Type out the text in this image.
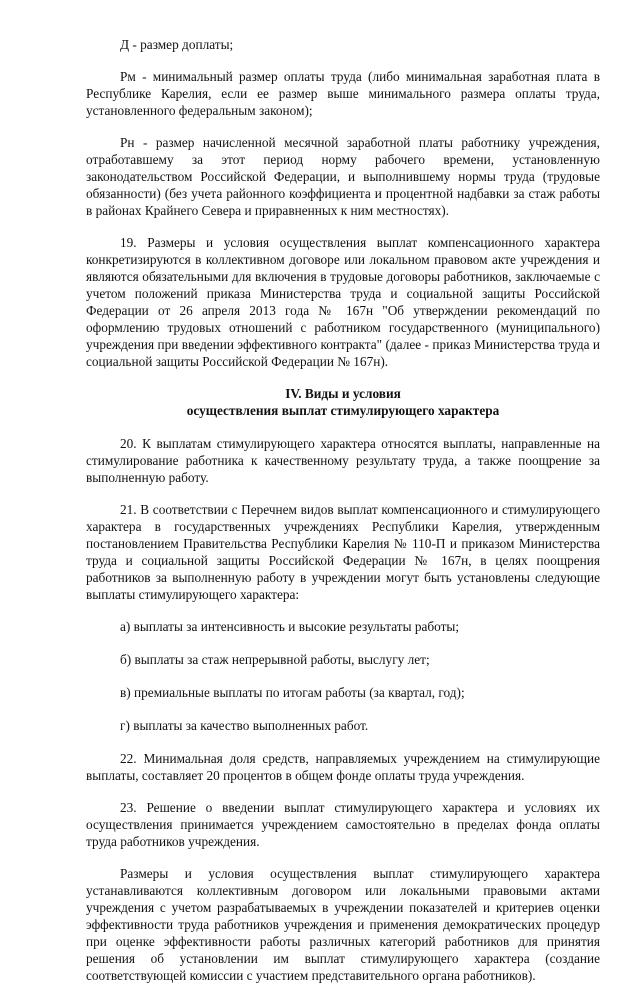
Д - размер доплаты;

Рм - минимальный размер оплаты труда (либо минимальная заработная плата в Республике Карелия, если ее размер выше минимального размера оплаты труда, установленного федеральным законом);

Рн - размер начисленной месячной заработной платы работнику учреждения, отработавшему за этот период норму рабочего времени, установленную законодательством Российской Федерации, и выполнившему нормы труда (трудовые обязанности) (без учета районного коэффициента и процентной надбавки за стаж работы в районах Крайнего Севера и приравненных к ним местностях).

19. Размеры и условия осуществления выплат компенсационного характера конкретизируются в коллективном договоре или локальном правовом акте учреждения и являются обязательными для включения в трудовые договоры работников, заключаемые с учетом положений приказа Министерства труда и социальной защиты Российской Федерации от 26 апреля 2013 года № 167н "Об утверждении рекомендаций по оформлению трудовых отношений с работником государственного (муниципального) учреждения при введении эффективного контракта" (далее - приказ Министерства труда и социальной защиты Российской Федерации № 167н).

IV. Виды и условия
осуществления выплат стимулирующего характера

20. К выплатам стимулирующего характера относятся выплаты, направленные на стимулирование работника к качественному результату труда, а также поощрение за выполненную работу.

21. В соответствии с Перечнем видов выплат компенсационного и стимулирующего характера в государственных учреждениях Республики Карелия, утвержденным постановлением Правительства Республики Карелия № 110-П и приказом Министерства труда и социальной защиты Российской Федерации № 167н, в целях поощрения работников за выполненную работу в учреждении могут быть установлены следующие выплаты стимулирующего характера:

а) выплаты за интенсивность и высокие результаты работы;

б) выплаты за стаж непрерывной работы, выслугу лет;

в) премиальные выплаты по итогам работы (за квартал, год);

г) выплаты за качество выполненных работ.

22. Минимальная доля средств, направляемых учреждением на стимулирующие выплаты, составляет 20 процентов в общем фонде оплаты труда учреждения.

23. Решение о введении выплат стимулирующего характера и условиях их осуществления принимается учреждением самостоятельно в пределах фонда оплаты труда работников учреждения.

Размеры и условия осуществления выплат стимулирующего характера устанавливаются коллективным договором или локальными правовыми актами учреждения с учетом разрабатываемых в учреждении показателей и критериев оценки эффективности труда работников учреждения и применения демократических процедур при оценке эффективности работы различных категорий работников для принятия решения об установлении им выплат стимулирующего характера (создание соответствующей комиссии с участием представительного органа работников).
